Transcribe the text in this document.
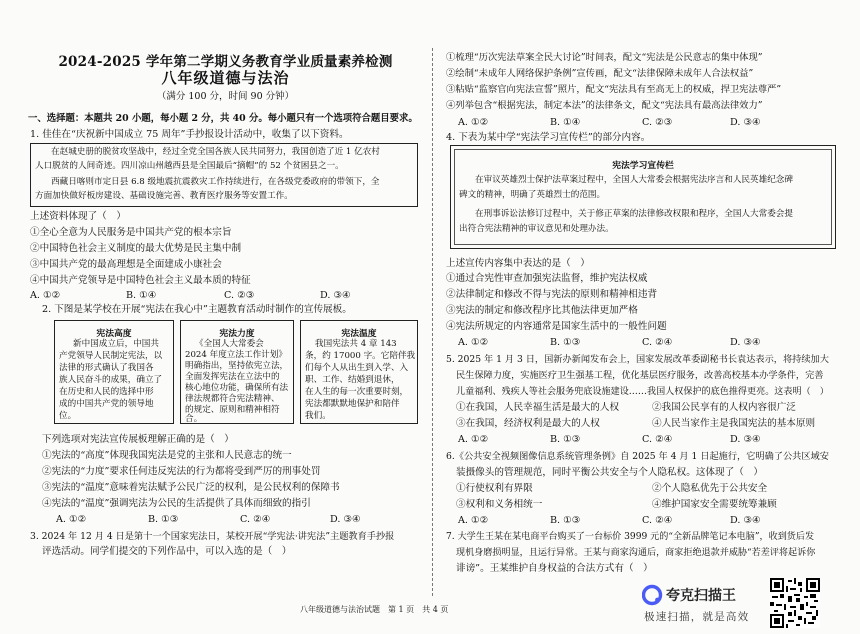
2024-2025 学年第二学期义务教育学业质量素养检测
八年级道德与法治
（满分 100 分，时间 90 分钟）
一、选择题：本题共 20 小题，每小题 2 分，共 40 分。每小题只有一个选项符合题目要求。
1. 佳佳在“庆祝新中国成立 75 周年”手抄报设计活动中，收集了以下资料。
在赵城史册的脱贫攻坚战中，经过全党全国各族人民共同努力，我国创造了近 1 亿农村
人口脱贫的人间奇迹。四川凉山州越西县是全国最后“摘帽”的 52 个贫困县之一。
西藏日喀则市定日县 6.8 级地震抗震救灾工作持续进行，在各级党委政府的带领下，全
方面加快做好板房建设、基础设施完善、教育医疗服务等安置工作。
上述资料体现了（　）
①全心全意为人民服务是中国共产党的根本宗旨
②中国特色社会主义制度的最大优势是民主集中制
③中国共产党的最高理想是全面建成小康社会
④中国共产党领导是中国特色社会主义最本质的特征
A. ①②	B. ①④	C. ②③	D. ③④
2. 下图是某学校在开展“宪法在我心中”主题教育活动时制作的宣传展板。
宪法高度
新中国成立后，中国共
产党领导人民制定宪法，以
法律的形式确认了我国各
族人民奋斗的成果，确立了
在历史和人民的选择中形
成的中国共产党的领导地
位。
宪法力度
《全国人大常委会
2024 年度立法工作计划》
明确指出，坚持依宪立法，
全面发挥宪法在立法中的
核心地位功能，确保所有法
律法规都符合宪法精神、
的规定、原则和精神相符
合。
宪法温度
我国宪法共 4 章 143
条，约 17000 字。它陪伴我
们每个人从出生到入学、入
职、工作、结婚到退休，
在人生的每一次重要时刻，
宪法都默默地保护和陪伴
我们。
下列选项对宪法宣传展板理解正确的是（　）
①宪法的“高度”体现我国宪法是党的主张和人民意志的统一
②宪法的“力度”要求任何违反宪法的行为都将受到严厉的刑事处罚
③宪法的“温度”意味着宪法赋予公民广泛的权利，是公民权利的保障书
④宪法的“温度”强调宪法为公民的生活提供了具体而细致的指引
A. ①②	B. ①③	C. ②④	D. ③④
3. 2024 年 12 月 4 日是第十一个国家宪法日，某校开展“学宪法·讲宪法”主题教育手抄报
评选活动。同学们提交的下列作品中，可以入选的是（　）
①梳理“历次宪法草案全民大讨论”时间表，配文“宪法是公民意志的集中体现”
②绘制“未成年人网络保护条例”宣传画，配文“法律保障未成年人合法权益”
③粘贴“监察官向宪法宣誓”照片，配文“宪法具有至高无上的权威，捍卫宪法尊严”
④列举包含“根据宪法，制定本法”的法律条文，配文“宪法具有最高法律效力”
A. ①②	B. ①④	C. ②③	D. ③④
4. 下表为某中学“宪法学习宣传栏”的部分内容。
宪法学习宣传栏
在审议英雄烈士保护法草案过程中，全国人大常委会根据宪法序言和人民英雄纪念碑
碑文的精神，明确了英雄烈士的范围。
在刑事诉讼法修订过程中，关于修正草案的法律修改权限和程序，全国人大常委会提
出符合宪法精神的审议意见和处理办法。
上述宣传内容集中表达的是（　）
①通过合宪性审查加强宪法监督，维护宪法权威
②法律制定和修改不得与宪法的原则和精神相违背
③宪法的制定和修改程序比其他法律更加严格
④宪法所规定的内容通常是国家生活中的一般性问题
A. ①②	B. ①③	C. ②④	D. ③④
5. 2025 年 1 月 3 日，国新办新闻发布会上，国家发展改革委副秘书长袁达表示，将持续加大
民生保障力度，实施医疗卫生强基工程，优化基层医疗服务，改善高校基本办学条件，完善
儿童福利、残疾人等社会服务兜底设施建设……我国人权保护的底色推得更亮。这表明（　）
①在我国，人民幸福生活是最大的人权	②我国公民享有的人权内容很广泛
③在我国，经济权利是最大的人权	④人民当家作主是我国宪法的基本原则
A. ①②	B. ①③	C. ②④	D. ③④
6.《公共安全视频图像信息系统管理条例》自 2025 年 4 月 1 日起施行，它明确了公共区域安
装摄像头的管理规范，同时平衡公共安全与个人隐私权。这体现了（　）
①行使权利有界限	②个人隐私优先于公共安全
③权利和义务相统一	④维护国家安全需要统筹兼顾
A. ①②	B. ①③	C. ②④	D. ③④
7. 大学生王某在某电商平台购买了一台标价 3999 元的“全新品牌笔记本电脑”，收到货后发
现机身磨损明显，且运行异常。王某与商家沟通后，商家拒绝退款并威胁“若差评将起诉你
诽谤”。王某维护自身权益的合法方式有（　）
八年级道德与法治试题　第 1 页　共 4 页
夸克扫描王
极速扫描，就是高效
